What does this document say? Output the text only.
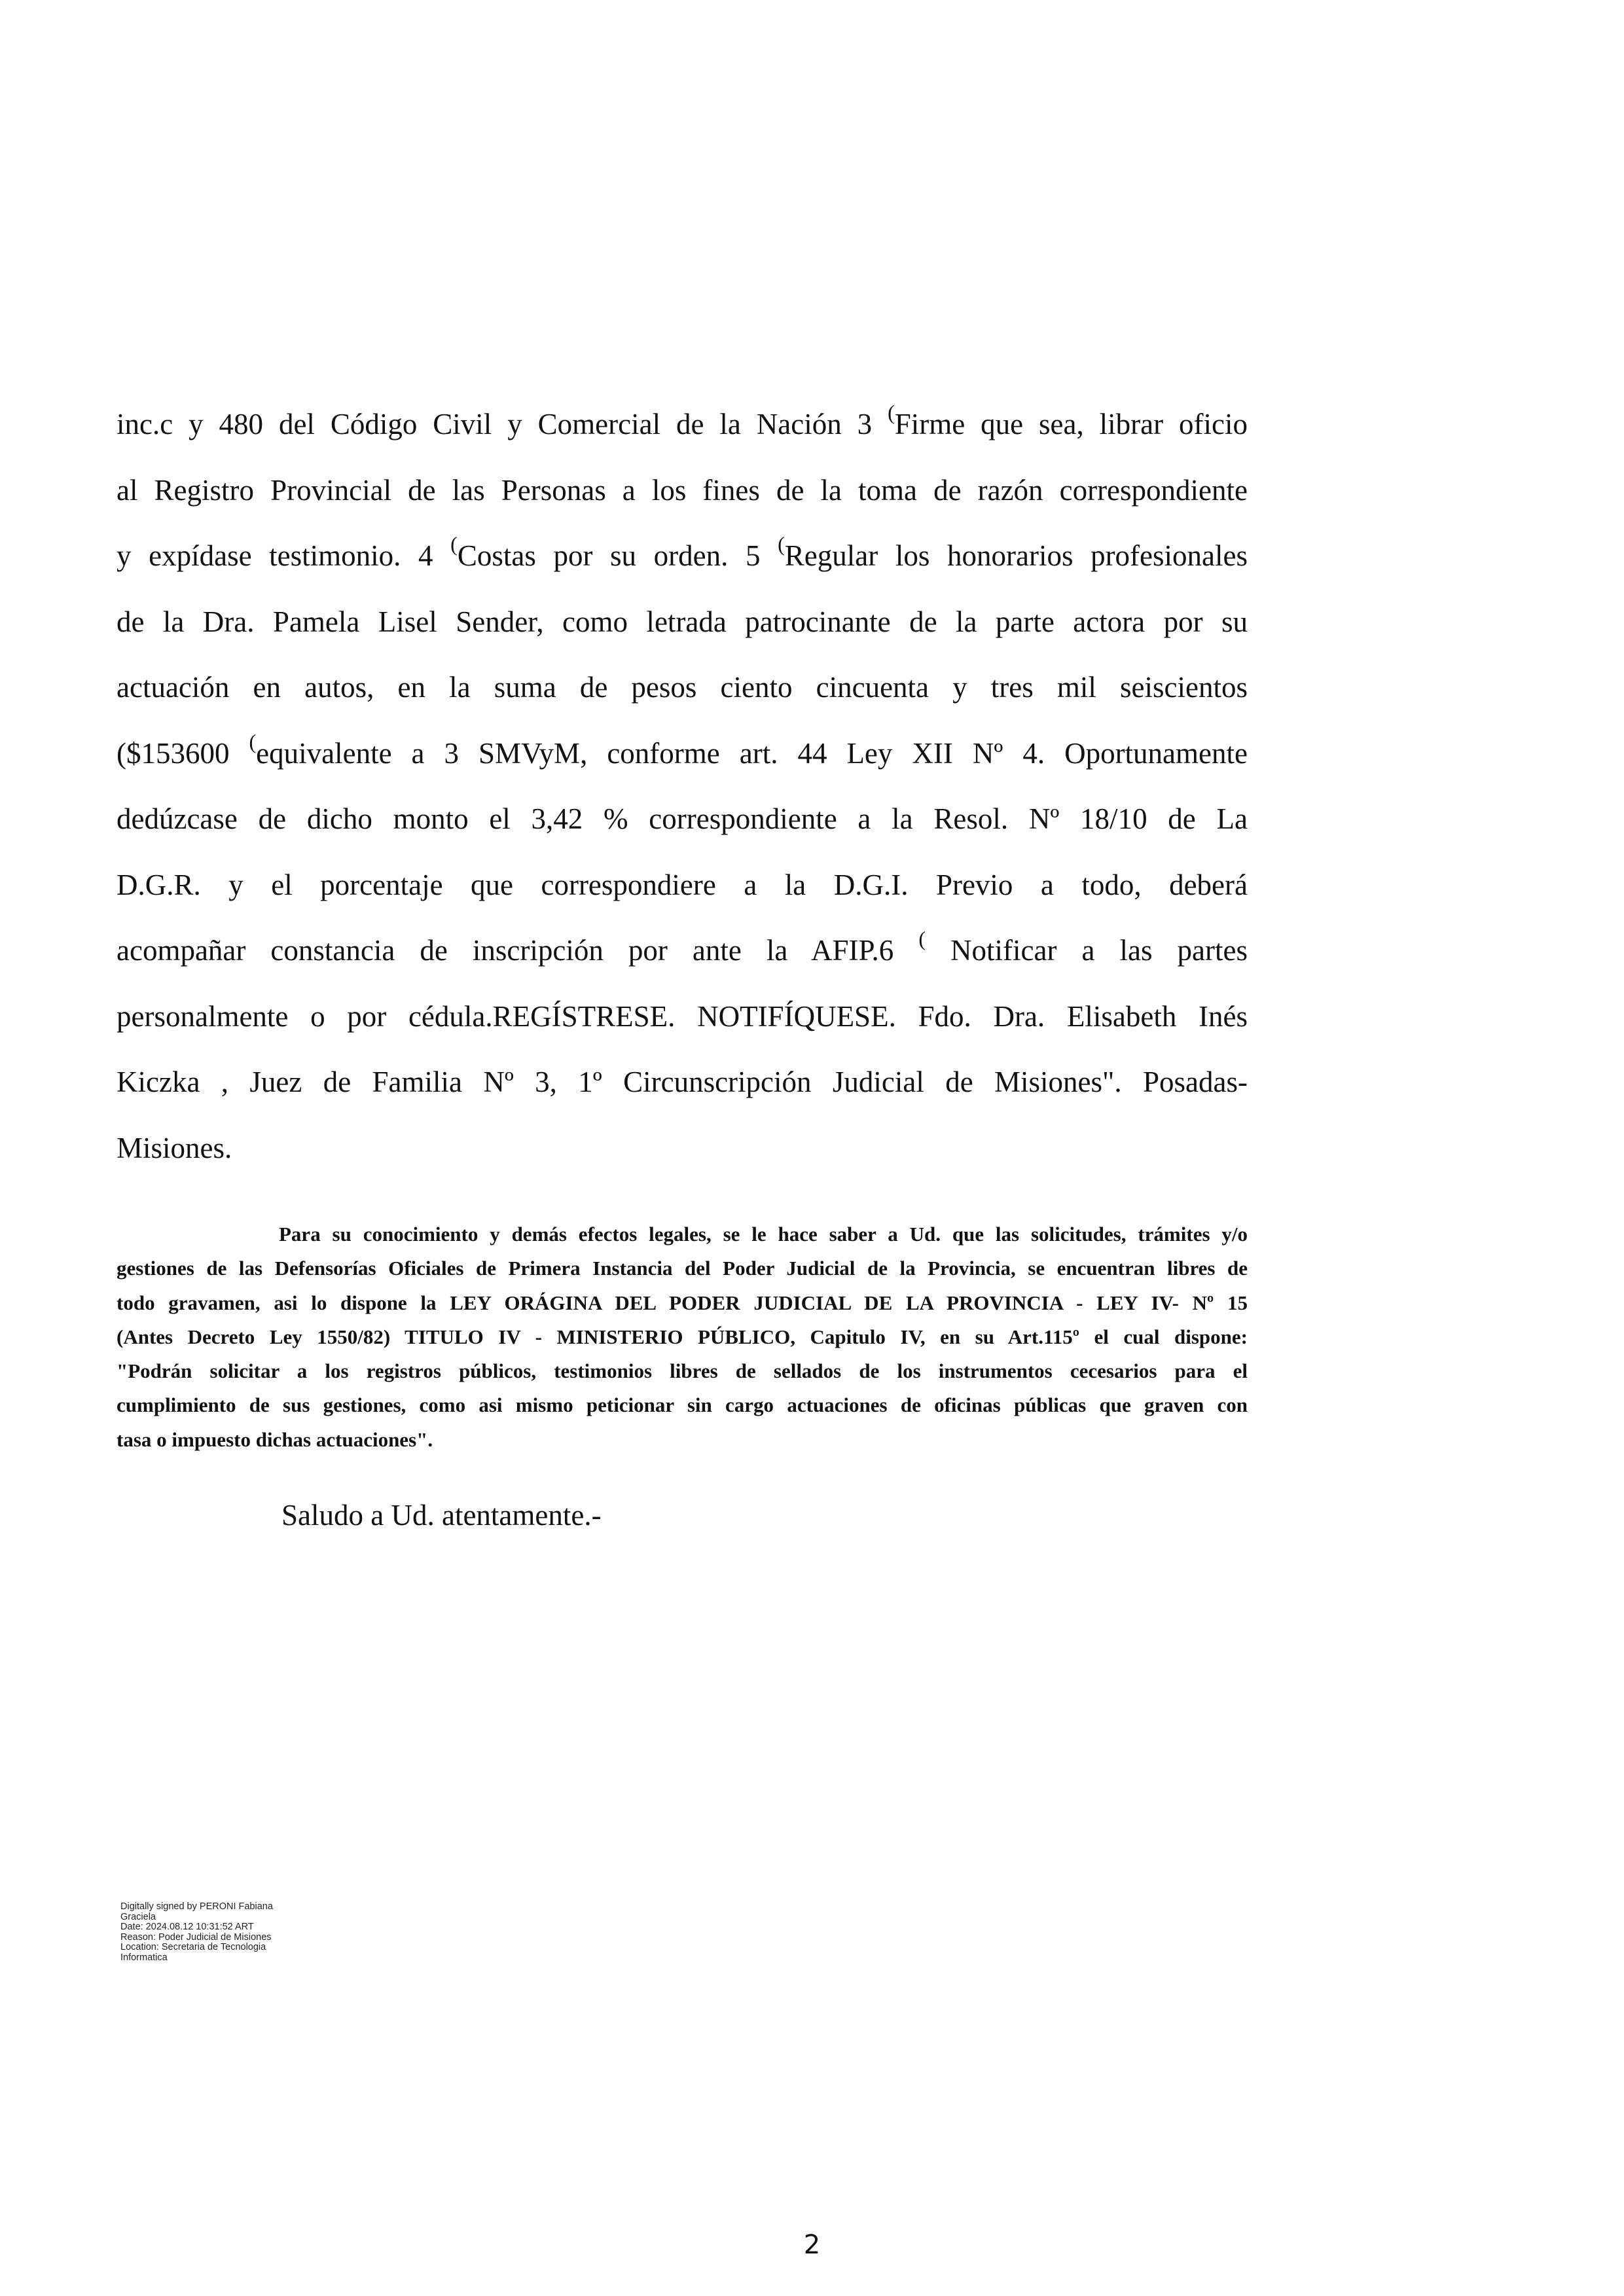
inc.c y 480 del Código Civil y Comercial de la Nación 3 (Firme que sea, librar oficio
al Registro Provincial de las Personas a los fines de la toma de razón correspondiente
y expídase testimonio. 4 (Costas por su orden. 5 (Regular los honorarios profesionales
de la Dra. Pamela Lisel Sender, como letrada patrocinante de la parte actora por su
actuación en autos, en la suma de pesos ciento cincuenta y tres mil seiscientos
($153600 (equivalente a 3 SMVyM, conforme art. 44 Ley XII Nº 4. Oportunamente
dedúzcase de dicho monto el 3,42 % correspondiente a la Resol. Nº 18/10 de La
D.G.R. y el porcentaje que correspondiere a la D.G.I. Previo a todo, deberá
acompañar constancia de inscripción por ante la AFIP.6 ( Notificar a las partes
personalmente o por cédula.REGÍSTRESE. NOTIFÍQUESE. Fdo. Dra. Elisabeth Inés
Kiczka , Juez de Familia Nº 3, 1º Circunscripción Judicial de Misiones". Posadas-
Misiones.
Para su conocimiento y demás efectos legales, se le hace saber a Ud. que las solicitudes, trámites y/o
gestiones de las Defensorías Oficiales de Primera Instancia del Poder Judicial de la Provincia, se encuentran libres de
todo gravamen, asi lo dispone la LEY ORÁGINA DEL PODER JUDICIAL DE LA PROVINCIA - LEY IV- Nº 15
(Antes Decreto Ley 1550/82) TITULO IV - MINISTERIO PÚBLICO, Capitulo IV, en su Art.115º el cual dispone:
"Podrán solicitar a los registros públicos, testimonios libres de sellados de los instrumentos cecesarios para el
cumplimiento de sus gestiones, como asi mismo peticionar sin cargo actuaciones de oficinas públicas que graven con
tasa o impuesto dichas actuaciones".

Saludo a Ud. atentamente.-

Digitally signed by PERONI Fabiana
Graciela
Date: 2024.08.12 10:31:52 ART
Reason: Poder Judicial de Misiones
Location: Secretaria de Tecnologia
Informatica
2
